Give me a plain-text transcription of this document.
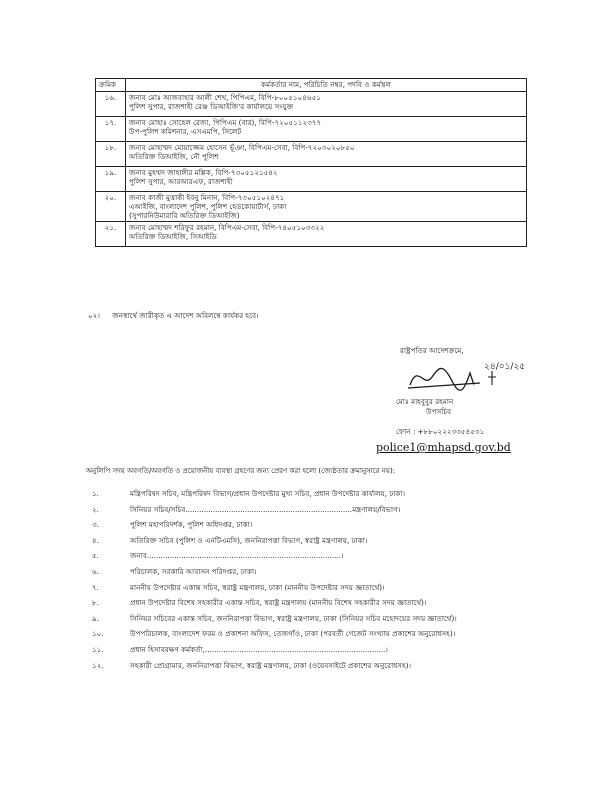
ক্রমিক	কর্মকর্তার নাম, পরিচিতি নম্বর, পদবি ও কর্মস্থল
১৬.	জনাব মোঃ আজবাহার আলী শেখ, পিপিএম, বিপি-৮০০৫১০৪৬৫১
পুলিশ সুপার, রাজশাহী রেঞ্জ ডিআইজি'র কার্যালয়ে সংযুক্ত

১৭.	জনাব মোহাঃ সোহেল রেজা, পিপিএম (বার), বিপি-৭২০৫১১২৩৭৭
উপ-পুলিশ কমিশনার, এসএমপি, সিলেট

১৮.	জনাব মোহাম্মদ মোয়াজ্জেম হোসেন ভূঁঞা, বিপিএম-সেবা, বিপি-৭২০৩০২০৮৫০
অতিরিক্ত ডিআইজি, নৌ পুলিশ

১৯.	জনাব মুহম্মদ জাহাঙ্গীর মল্লিক, বিপি-৭৩০৫১২১৫৪২
পুলিশ সুপার, আরআরএফ, রাজশাহী

২০.	জনাব কাজী মুত্তাকী ইবনু মিনান, বিপি-৭৩০৫১০২৪৭১
এআইজি, বাংলাদেশ পুলিশ, পুলিশ হেডকোয়ার্টার্স, ঢাকা
(সুপারনিউমারারি অতিরিক্ত ডিআইজি)

২১.	জনাব মোহাম্মদ শরিফুর রহমান, বিপিএম-সেবা, বিপি-৭৪০৫১০৩৩২২
অতিরিক্ত ডিআইজি, সিআইডি
০২। জনস্বার্থে জারীকৃত এ আদেশ অবিলম্বে কার্যকর হবে।
রাষ্ট্রপতির আদেশক্রমে,
২৪/০১/২৫
মোঃ মাহবুবুর রহমান
উপসচিব
ফোন : +৮৮০২২২৩৩৫৪৫৩১
police1@mhapsd.gov.bd
অনুলিপি সদয় অবগতি/অবগতি ও প্রয়োজনীয় ব্যবস্থা গ্রহণের জন্য প্রেরণ করা হলো (জ্যেষ্ঠতার ক্রমানুসারে নয়):
১.	মন্ত্রিপরিষদ সচিব, মন্ত্রিপরিষদ বিভাগ/প্রধান উপদেষ্টার মুখ্য সচিব, প্রধান উপদেষ্টার কার্যালয়, ঢাকা।
২.	সিনিয়র সচিব/সচিব.........................................................................মন্ত্রণালয়/বিভাগ।
৩.	পুলিশ মহাপরিদর্শক, পুলিশ অধিদপ্তর, ঢাকা।
৪.	অতিরিক্ত সচিব (পুলিশ ও এনটিএমসি), জননিরাপত্তা বিভাগ, স্বরাষ্ট্র মন্ত্রণালয়, ঢাকা।
৫.	জনাব.....................................................................................।
৬.	পরিচালক, সরকারি আবাসন পরিদপ্তর, ঢাকা।
৭.	মাননীয় উপদেষ্টার একান্ত সচিব, স্বরাষ্ট্র মন্ত্রণালয়, ঢাকা (মাননীয় উপদেষ্টার সদয় জ্ঞাতার্থে)।
৮.	প্রধান উপদেষ্টার বিশেষ সহকারীর একান্ত সচিব, স্বরাষ্ট্র মন্ত্রণালয় (মাননীয় বিশেষ সহকারীর সদয় জ্ঞাতার্থে)।
৯.	সিনিয়র সচিবের একান্ত সচিব, জননিরাপত্তা বিভাগ, স্বরাষ্ট্র মন্ত্রণালয়, ঢাকা (সিনিয়র সচিব মহোদয়ের সদয় জ্ঞাতার্থে)।
১০.	উপপরিচালক, বাংলাদেশ ফরম ও প্রকাশনা অফিস, তেজগাঁও, ঢাকা (পরবর্তী গেজেট সংখ্যায় প্রকাশের অনুরোধসহ)।
১১.	প্রধান হিসাবরক্ষণ কর্মকর্তা,...............................................................................।
১২.	সহকারী প্রোগ্রামার, জননিরাপত্তা বিভাগ, স্বরাষ্ট্র মন্ত্রণালয়, ঢাকা (ওয়েবসাইটে প্রকাশের অনুরোধসহ)।
